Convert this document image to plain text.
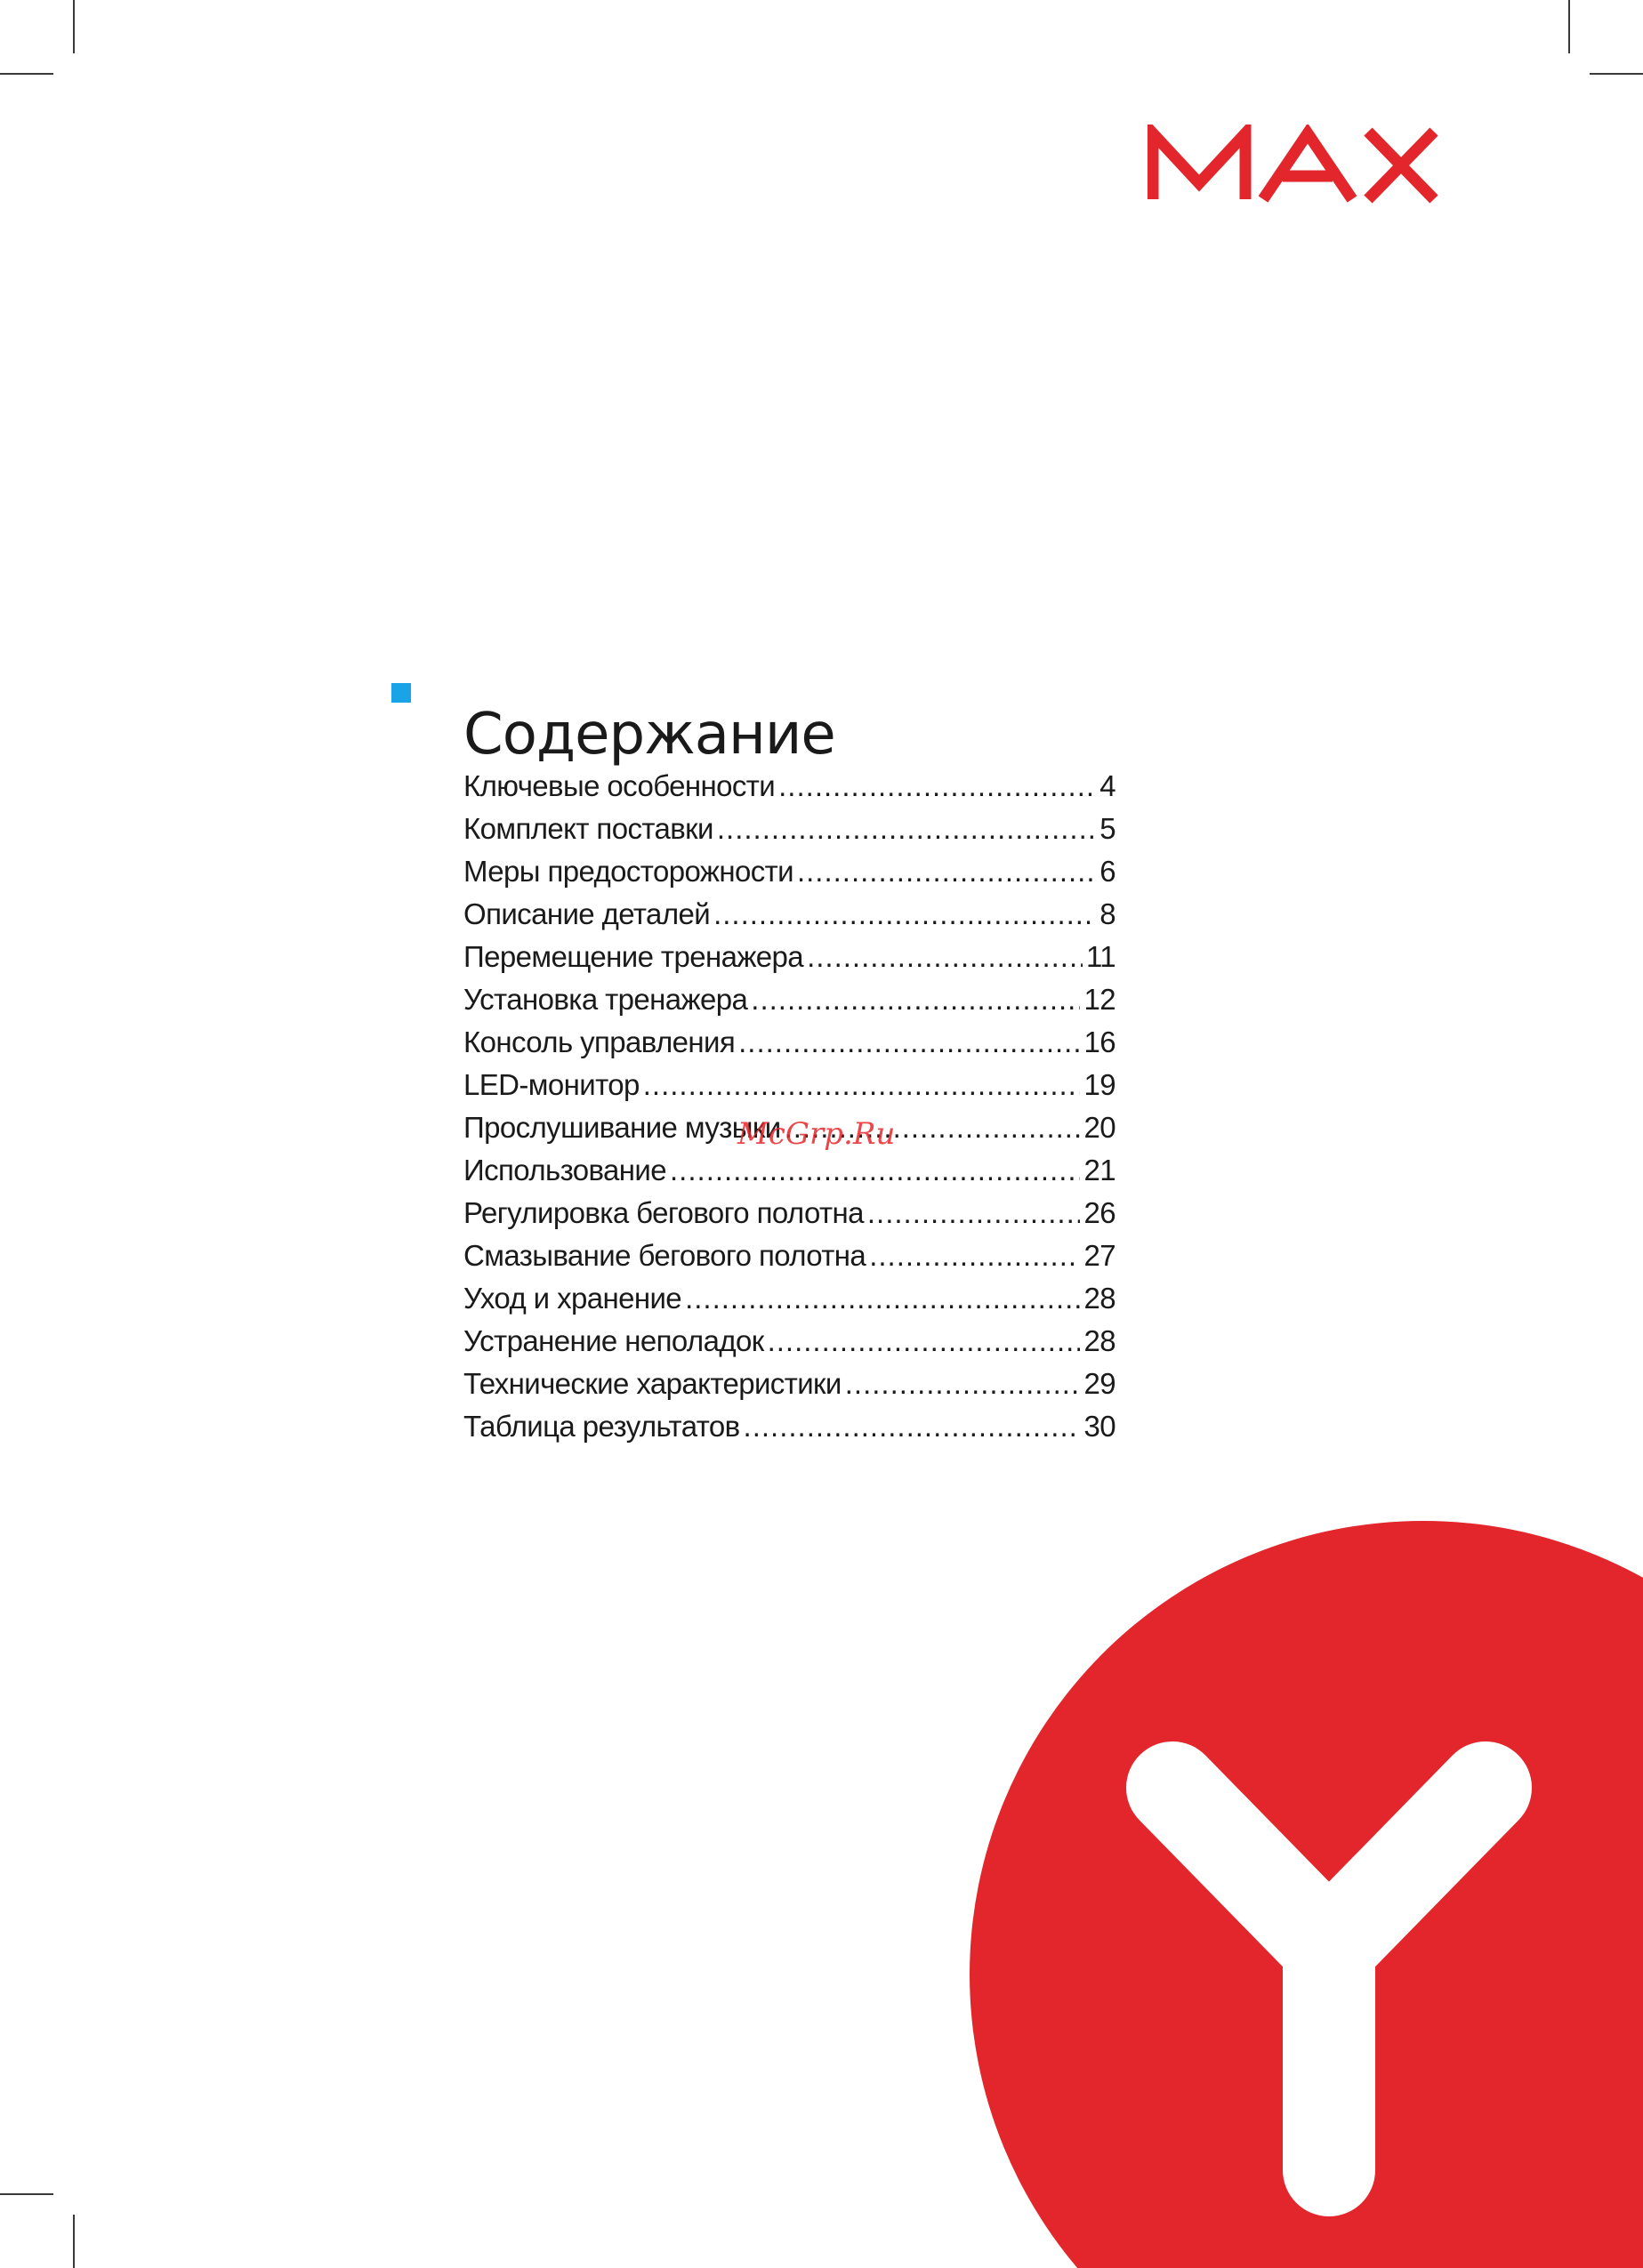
Содержание
Ключевые особенности .....	4
Комплект поставки .....	5
Меры предосторожности .....	6
Описание деталей .....	8
Перемещение тренажера .....	11
Установка тренажера .....	12
Консоль управления .....	16
LED-монитор .....	19
Прослушивание музыки .....	20
Использование .....	21
Регулировка бегового полотна .....	26
Смазывание бегового полотна .....	27
Уход и хранение .....	28
Устранение неполадок .....	28
Технические характеристики .....	29
Таблица результатов .....	30
McGrp.Ru
